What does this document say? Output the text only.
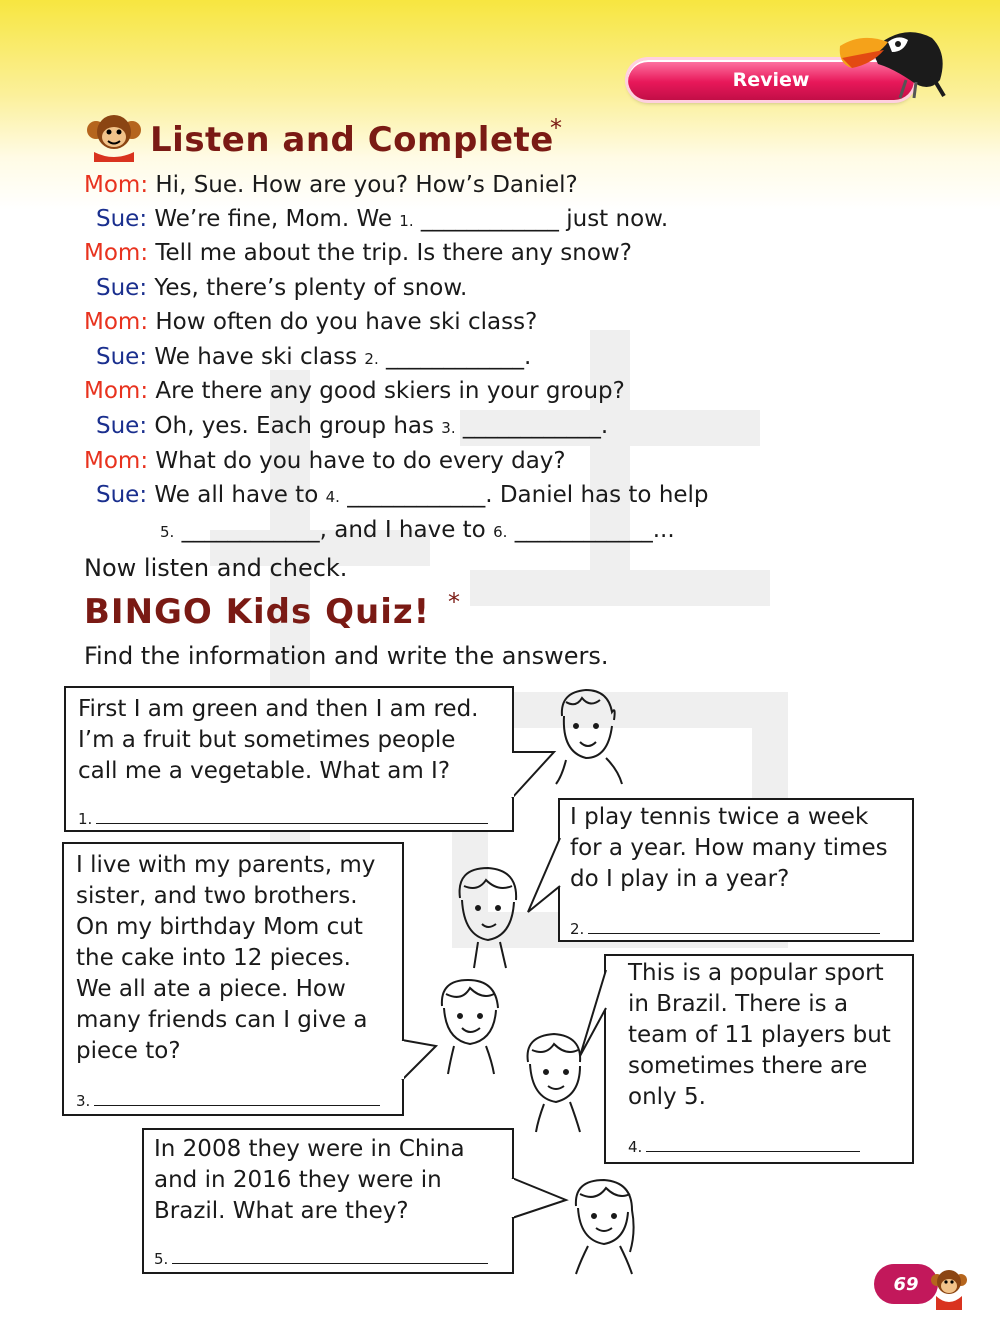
Review
Listen and Complete
*
Mom: Hi, Sue. How are you? How’s Daniel?
Sue: We’re fine, Mom. We 1. ____________ just now.
Mom: Tell me about the trip. Is there any snow?
Sue: Yes, there’s plenty of snow.
Mom: How often do you have ski class?
Sue: We have ski class 2. ____________.
Mom: Are there any good skiers in your group?
Sue: Oh, yes. Each group has 3. ____________.
Mom: What do you have to do every day?
Sue: We all have to 4. ____________. Daniel has to help
5. ____________, and I have to 6. ____________...
Now listen and check.
BINGO Kids Quiz! *
Find the information and write the answers.
First I am green and then I am red.
I’m a fruit but sometimes people
call me a vegetable. What am I?
1.	I play tennis twice a week
for a year. How many times
do I play in a year?
2.
I live with my parents, my
sister, and two brothers.
On my birthday Mom cut
the cake into 12 pieces.
We all ate a piece. How
many friends can I give a
piece to?
3.
This is a popular sport
in Brazil. There is a
team of 11 players but
sometimes there are
only 5.
4.
In 2008 they were in China
and in 2016 they were in
Brazil. What are they?
5.
69
